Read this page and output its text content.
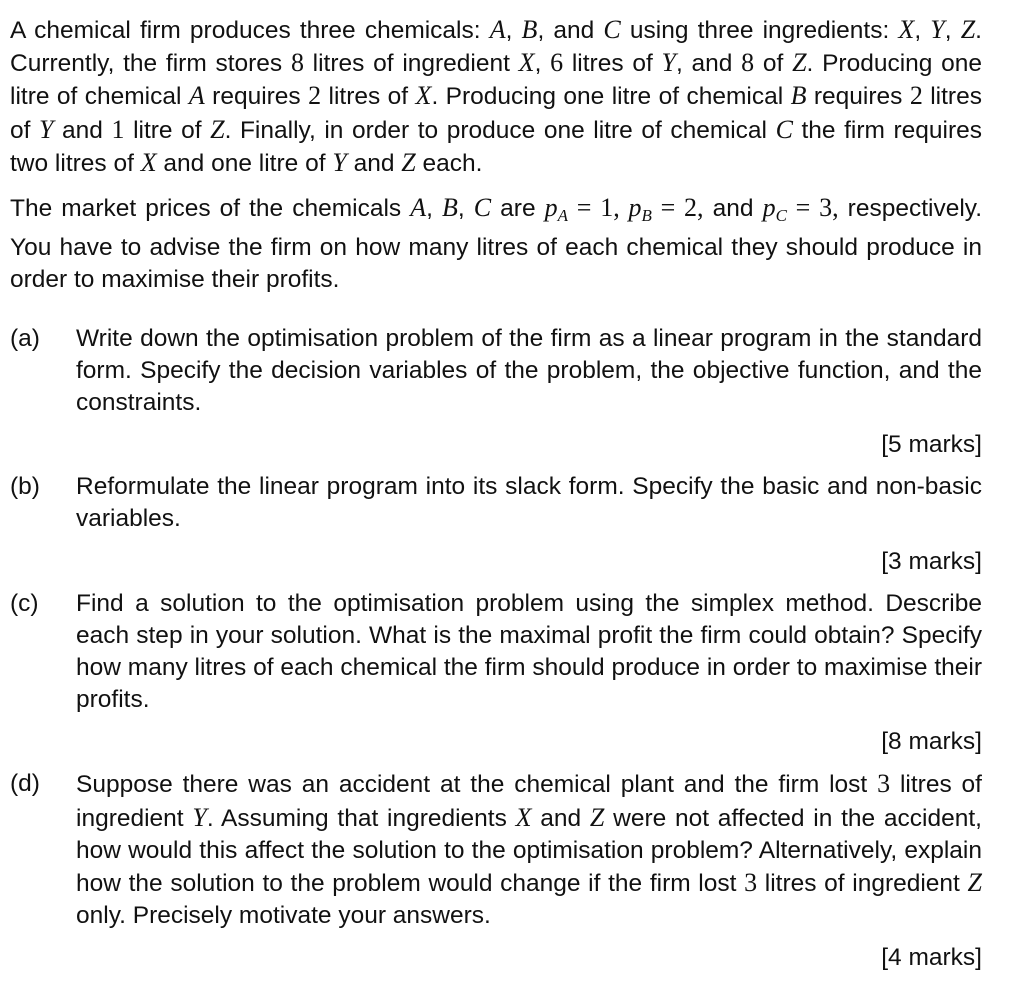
A chemical firm produces three chemicals: A, B, and C using three ingredients: X, Y, Z. Currently, the firm stores 8 litres of ingredient X, 6 litres of Y, and 8 of Z. Producing one litre of chemical A requires 2 litres of X. Producing one litre of chemical B requires 2 litres of Y and 1 litre of Z. Finally, in order to produce one litre of chemical C the firm requires two litres of X and one litre of Y and Z each.

The market prices of the chemicals A, B, C are $p_A = 1$, $p_B = 2$, and $p_C = 3$, respectively. You have to advise the firm on how many litres of each chemical they should produce in order to maximise their profits.

(a) Write down the optimisation problem of the firm as a linear program in the standard form. Specify the decision variables of the problem, the objective function, and the constraints.
[5 marks]
(b) Reformulate the linear program into its slack form. Specify the basic and non-basic variables.
[3 marks]
(c) Find a solution to the optimisation problem using the simplex method. Describe each step in your solution. What is the maximal profit the firm could obtain? Specify how many litres of each chemical the firm should produce in order to maximise their profits.
[8 marks]
(d) Suppose there was an accident at the chemical plant and the firm lost 3 litres of ingredient Y. Assuming that ingredients X and Z were not affected in the accident, how would this affect the solution to the optimisation problem? Alternatively, explain how the solution to the problem would change if the firm lost 3 litres of ingredient Z only. Precisely motivate your answers.
[4 marks]
